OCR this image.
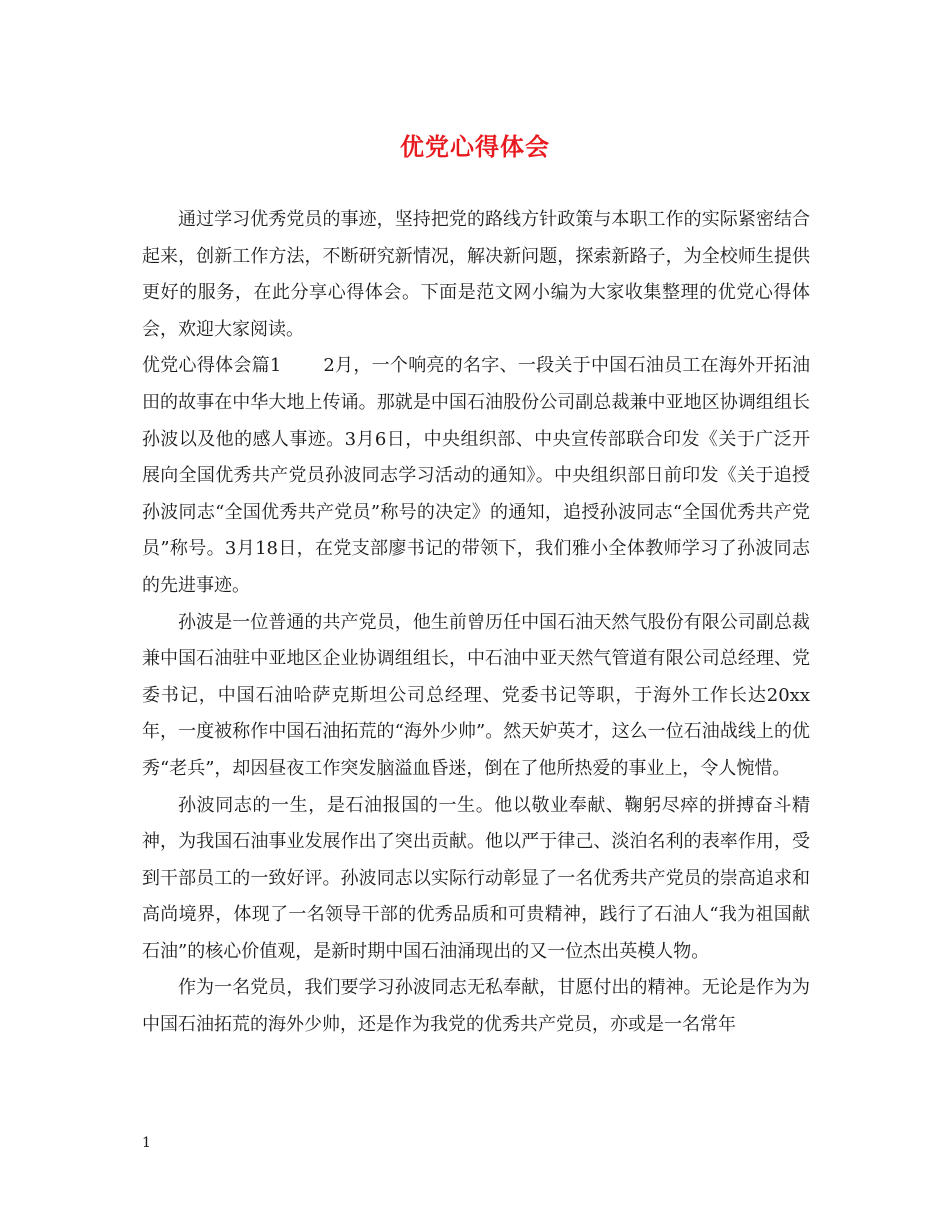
优党心得体会

通过学习优秀党员的事迹，坚持把党的路线方针政策与本职工作的实际紧密结合起来，创新工作方法，不断研究新情况，解决新问题，探索新路子，为全校师生提供更好的服务，在此分享心得体会。下面是范文网小编为大家收集整理的优党心得体会，欢迎大家阅读。

优党心得体会篇1 2月，一个响亮的名字、一段关于中国石油员工在海外开拓油田的故事在中华大地上传诵。那就是中国石油股份公司副总裁兼中亚地区协调组组长孙波以及他的感人事迹。3月6日，中央组织部、中央宣传部联合印发《关于广泛开展向全国优秀共产党员孙波同志学习活动的通知》。中央组织部日前印发《关于追授孙波同志“全国优秀共产党员”称号的决定》的通知，追授孙波同志“全国优秀共产党员”称号。3月18日，在党支部廖书记的带领下，我们雅小全体教师学习了孙波同志的先进事迹。

孙波是一位普通的共产党员，他生前曾历任中国石油天然气股份有限公司副总裁兼中国石油驻中亚地区企业协调组组长，中石油中亚天然气管道有限公司总经理、党委书记，中国石油哈萨克斯坦公司总经理、党委书记等职，于海外工作长达20xx年，一度被称作中国石油拓荒的“海外少帅”。然天妒英才，这么一位石油战线上的优秀“老兵”，却因昼夜工作突发脑溢血昏迷，倒在了他所热爱的事业上，令人惋惜。

孙波同志的一生，是石油报国的一生。他以敬业奉献、鞠躬尽瘁的拼搏奋斗精神，为我国石油事业发展作出了突出贡献。他以严于律己、淡泊名利的表率作用，受到干部员工的一致好评。孙波同志以实际行动彰显了一名优秀共产党员的崇高追求和高尚境界，体现了一名领导干部的优秀品质和可贵精神，践行了石油人“我为祖国献石油”的核心价值观，是新时期中国石油涌现出的又一位杰出英模人物。

作为一名党员，我们要学习孙波同志无私奉献，甘愿付出的精神。无论是作为为中国石油拓荒的海外少帅，还是作为我党的优秀共产党员，亦或是一名常年

1
